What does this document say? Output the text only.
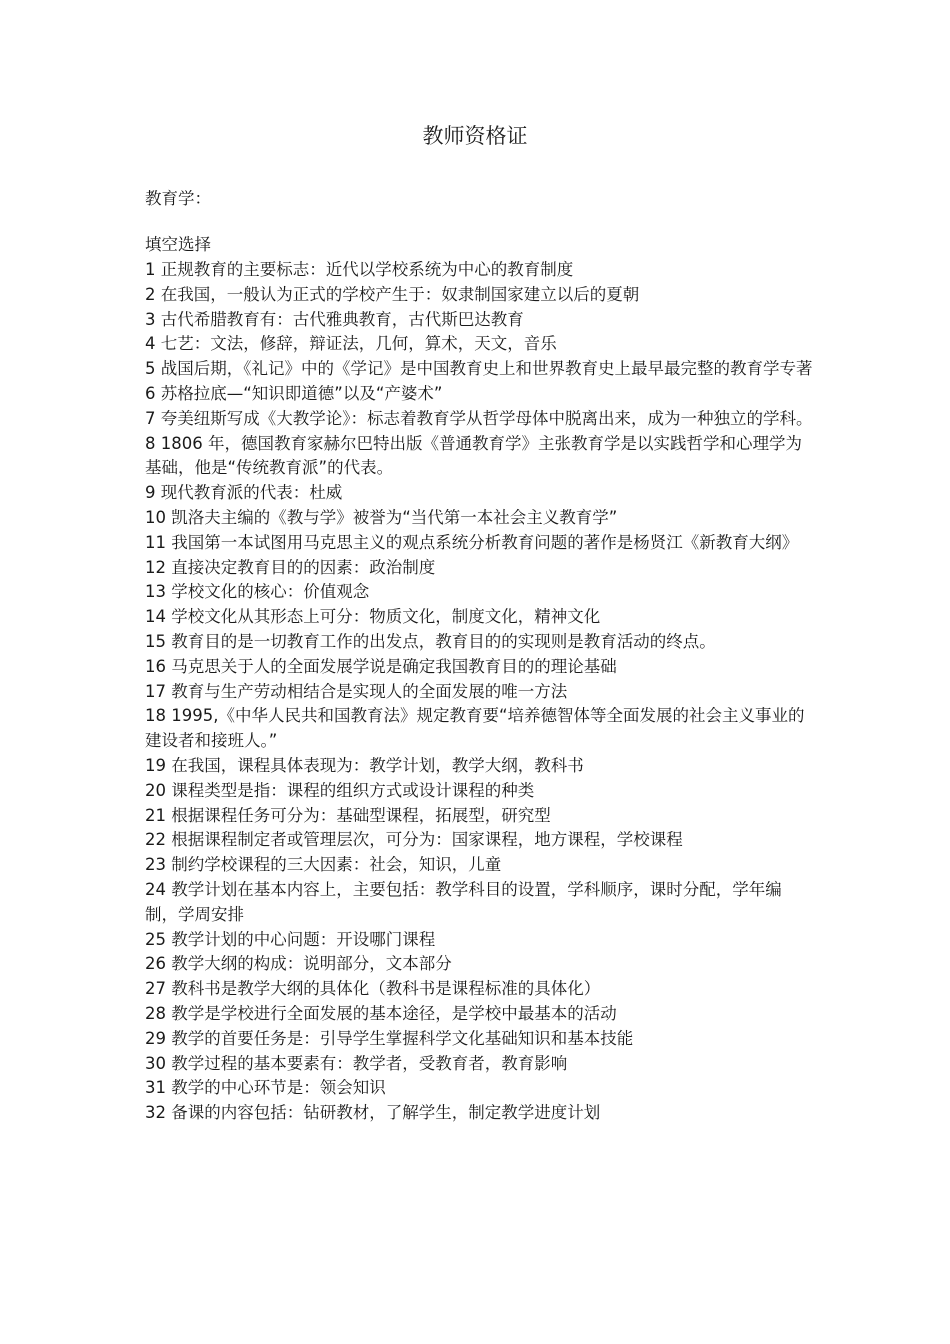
教师资格证
教育学：
填空选择
1 正规教育的主要标志：近代以学校系统为中心的教育制度
2 在我国，一般认为正式的学校产生于：奴隶制国家建立以后的夏朝
3 古代希腊教育有：古代雅典教育，古代斯巴达教育
4 七艺：文法，修辞，辩证法，几何，算术，天文，音乐
5 战国后期，《礼记》中的《学记》是中国教育史上和世界教育史上最早最完整的教育学专著
6 苏格拉底—“知识即道德”以及“产婆术”
7 夸美纽斯写成《大教学论》：标志着教育学从哲学母体中脱离出来，成为一种独立的学科。
8 1806 年，德国教育家赫尔巴特出版《普通教育学》主张教育学是以实践哲学和心理学为基础，他是“传统教育派”的代表。
9 现代教育派的代表：杜威
10 凯洛夫主编的《教与学》被誉为“当代第一本社会主义教育学”
11 我国第一本试图用马克思主义的观点系统分析教育问题的著作是杨贤江《新教育大纲》
12 直接决定教育目的的因素：政治制度
13 学校文化的核心：价值观念
14 学校文化从其形态上可分：物质文化，制度文化，精神文化
15 教育目的是一切教育工作的出发点，教育目的的实现则是教育活动的终点。
16 马克思关于人的全面发展学说是确定我国教育目的的理论基础
17 教育与生产劳动相结合是实现人的全面发展的唯一方法
18 1995,《中华人民共和国教育法》规定教育要“培养德智体等全面发展的社会主义事业的建设者和接班人。”
19 在我国，课程具体表现为：教学计划，教学大纲，教科书
20 课程类型是指：课程的组织方式或设计课程的种类
21 根据课程任务可分为：基础型课程，拓展型，研究型
22 根据课程制定者或管理层次，可分为：国家课程，地方课程，学校课程
23 制约学校课程的三大因素：社会，知识，儿童
24 教学计划在基本内容上，主要包括：教学科目的设置，学科顺序，课时分配，学年编制，学周安排
25 教学计划的中心问题：开设哪门课程
26 教学大纲的构成：说明部分，文本部分
27 教科书是教学大纲的具体化（教科书是课程标准的具体化）
28 教学是学校进行全面发展的基本途径，是学校中最基本的活动
29 教学的首要任务是：引导学生掌握科学文化基础知识和基本技能
30 教学过程的基本要素有：教学者，受教育者，教育影响
31 教学的中心环节是：领会知识
32 备课的内容包括：钻研教材，了解学生，制定教学进度计划
